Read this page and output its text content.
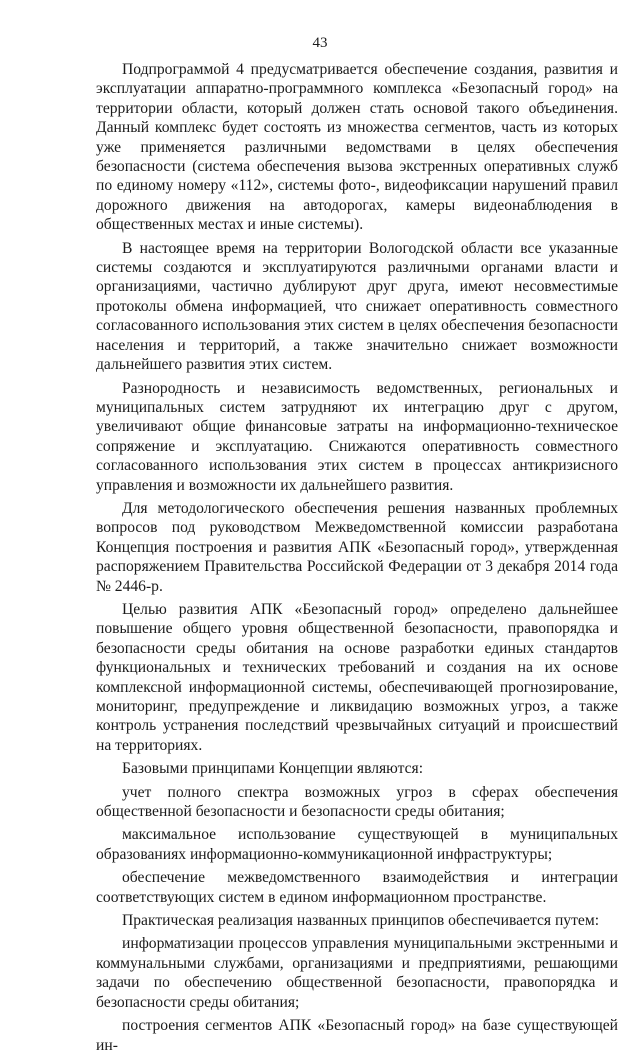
43

Подпрограммой 4 предусматривается обеспечение создания, развития и эксплуатации аппаратно-программного комплекса «Безопасный город» на территории области, который должен стать основой такого объединения. Данный комплекс будет состоять из множества сегментов, часть из которых уже применяется различными ведомствами в целях обеспечения безопасности (система обеспечения вызова экстренных оперативных служб по единому номеру «112», системы фото-, видеофиксации нарушений правил дорожного движения на автодорогах, камеры видеонаблюдения в общественных местах и иные системы).

В настоящее время на территории Вологодской области все указанные системы создаются и эксплуатируются различными органами власти и организациями, частично дублируют друг друга, имеют несовместимые протоколы обмена информацией, что снижает оперативность совместного согласованного использования этих систем в целях обеспечения безопасности населения и территорий, а также значительно снижает возможности дальнейшего развития этих систем.

Разнородность и независимость ведомственных, региональных и муниципальных систем затрудняют их интеграцию друг с другом, увеличивают общие финансовые затраты на информационно-техническое сопряжение и эксплуатацию. Снижаются оперативность совместного согласованного использования этих систем в процессах антикризисного управления и возможности их дальнейшего развития.

Для методологического обеспечения решения названных проблемных вопросов под руководством Межведомственной комиссии разработана Концепция построения и развития АПК «Безопасный город», утвержденная распоряжением Правительства Российской Федерации от 3 декабря 2014 года № 2446-р.

Целью развития АПК «Безопасный город» определено дальнейшее повышение общего уровня общественной безопасности, правопорядка и безопасности среды обитания на основе разработки единых стандартов функциональных и технических требований и создания на их основе комплексной информационной системы, обеспечивающей прогнозирование, мониторинг, предупреждение и ликвидацию возможных угроз, а также контроль устранения последствий чрезвычайных ситуаций и происшествий на территориях.

Базовыми принципами Концепции являются:

учет полного спектра возможных угроз в сферах обеспечения общественной безопасности и безопасности среды обитания;

максимальное использование существующей в муниципальных образованиях информационно-коммуникационной инфраструктуры;

обеспечение межведомственного взаимодействия и интеграции соответствующих систем в едином информационном пространстве.

Практическая реализация названных принципов обеспечивается путем:

информатизации процессов управления муниципальными экстренными и коммунальными службами, организациями и предприятиями, решающими задачи по обеспечению общественной безопасности, правопорядка и безопасности среды обитания;

построения сегментов АПК «Безопасный город» на базе существующей ин-
